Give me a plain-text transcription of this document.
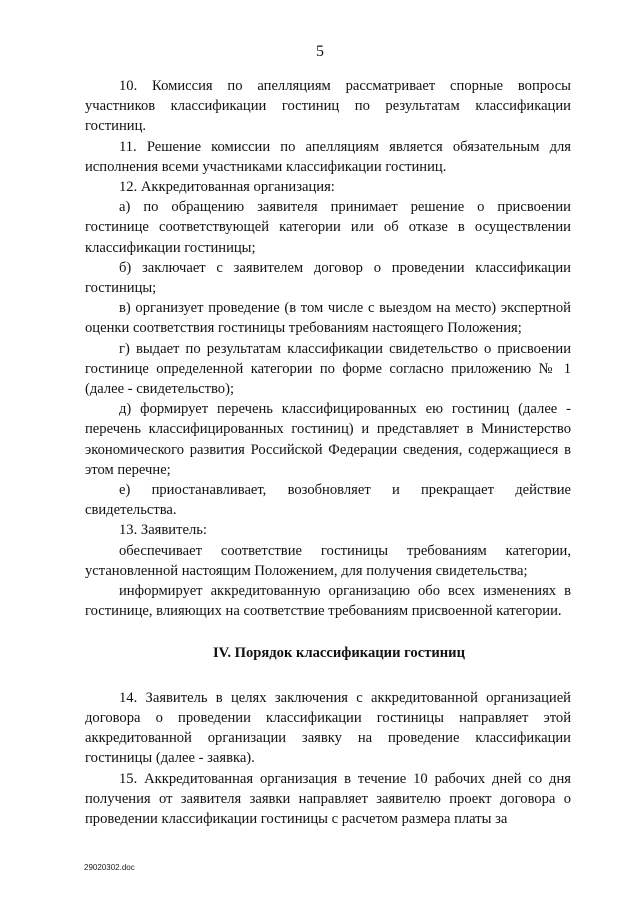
5

10. Комиссия по апелляциям рассматривает спорные вопросы участников классификации гостиниц по результатам классификации гостиниц.

11. Решение комиссии по апелляциям является обязательным для исполнения всеми участниками классификации гостиниц.

12. Аккредитованная организация:

а) по обращению заявителя принимает решение о присвоении гостинице соответствующей категории или об отказе в осуществлении классификации гостиницы;

б) заключает с заявителем договор о проведении классификации гостиницы;

в) организует проведение (в том числе с выездом на место) экспертной оценки соответствия гостиницы требованиям настоящего Положения;

г) выдает по результатам классификации свидетельство о присвоении гостинице определенной категории по форме согласно приложению № 1 (далее - свидетельство);

д) формирует перечень классифицированных ею гостиниц (далее - перечень классифицированных гостиниц) и представляет в Министерство экономического развития Российской Федерации сведения, содержащиеся в этом перечне;

е) приостанавливает, возобновляет и прекращает действие свидетельства.

13. Заявитель:

обеспечивает соответствие гостиницы требованиям категории, установленной настоящим Положением, для получения свидетельства;

информирует аккредитованную организацию обо всех изменениях в гостинице, влияющих на соответствие требованиям присвоенной категории.

IV. Порядок классификации гостиниц

14. Заявитель в целях заключения с аккредитованной организацией договора о проведении классификации гостиницы направляет этой аккредитованной организации заявку на проведение классификации гостиницы (далее - заявка).

15. Аккредитованная организация в течение 10 рабочих дней со дня получения от заявителя заявки направляет заявителю проект договора о проведении классификации гостиницы с расчетом размера платы за

29020302.doc
